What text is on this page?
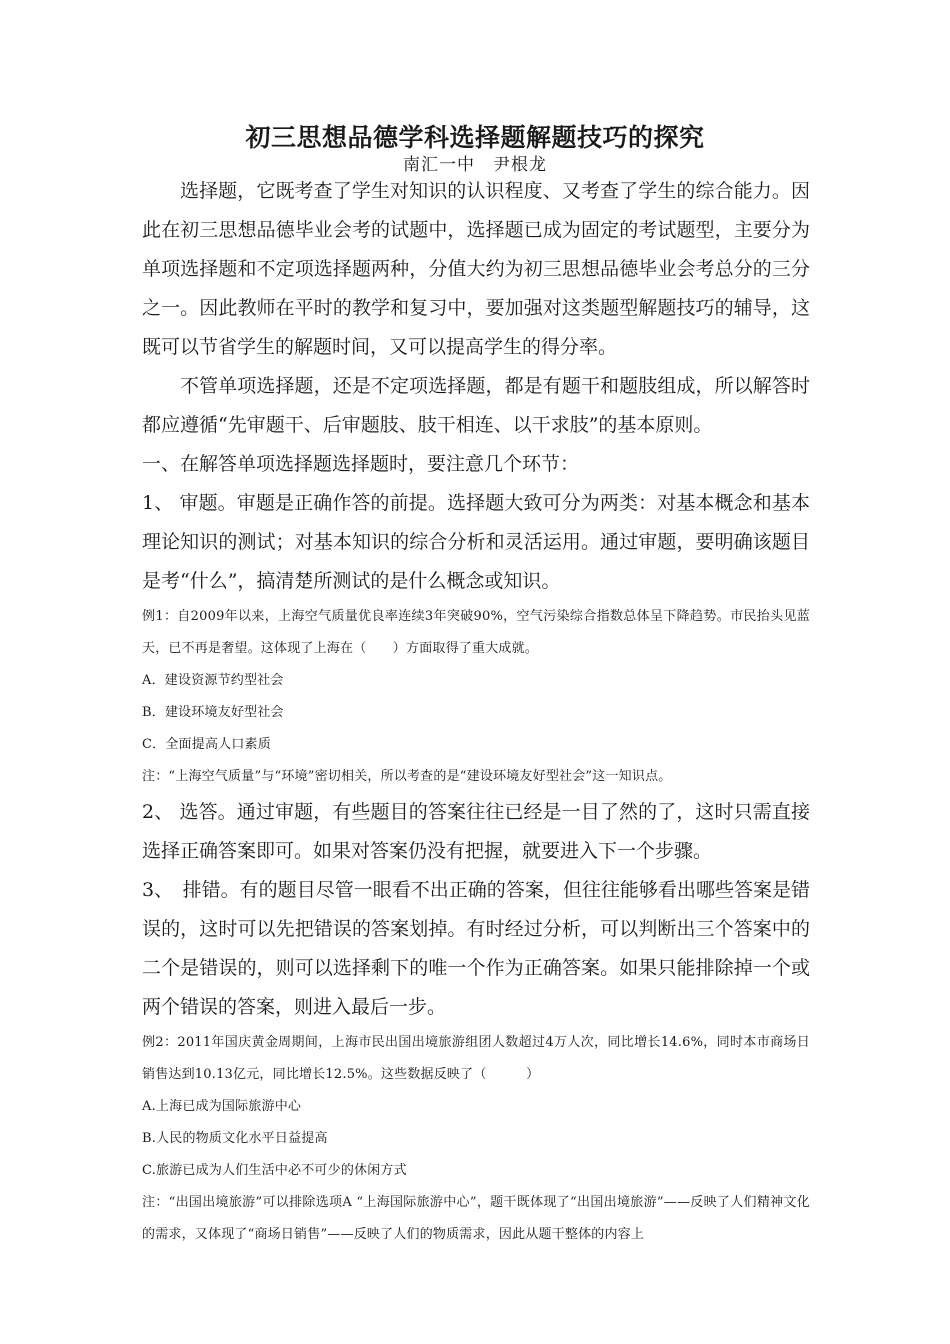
初三思想品德学科选择题解题技巧的探究
南汇一中　尹根龙

选择题，它既考查了学生对知识的认识程度、又考查了学生的综合能力。因此在初三思想品德毕业会考的试题中，选择题已成为固定的考试题型，主要分为单项选择题和不定项选择题两种，分值大约为初三思想品德毕业会考总分的三分之一。因此教师在平时的教学和复习中，要加强对这类题型解题技巧的辅导，这既可以节省学生的解题时间，又可以提高学生的得分率。

不管单项选择题，还是不定项选择题，都是有题干和题肢组成，所以解答时都应遵循“先审题干、后审题肢、肢干相连、以干求肢”的基本原则。

一、在解答单项选择题选择题时，要注意几个环节：

1、 审题。审题是正确作答的前提。选择题大致可分为两类：对基本概念和基本理论知识的测试；对基本知识的综合分析和灵活运用。通过审题，要明确该题目是考“什么”，搞清楚所测试的是什么概念或知识。

例1：自2009年以来，上海空气质量优良率连续3年突破90%，空气污染综合指数总体呈下降趋势。市民抬头见蓝天，已不再是奢望。这体现了上海在（　　）方面取得了重大成就。

A．建设资源节约型社会

B．建设环境友好型社会

C．全面提高人口素质

注：“上海空气质量”与“环境”密切相关，所以考查的是“建设环境友好型社会”这一知识点。

2、 选答。通过审题，有些题目的答案往往已经是一目了然的了，这时只需直接选择正确答案即可。如果对答案仍没有把握，就要进入下一个步骤。

3、　排错。有的题目尽管一眼看不出正确的答案，但往往能够看出哪些答案是错误的，这时可以先把错误的答案划掉。有时经过分析，可以判断出三个答案中的二个是错误的，则可以选择剩下的唯一个作为正确答案。如果只能排除掉一个或两个错误的答案，则进入最后一步。

例2：2011年国庆黄金周期间，上海市民出国出境旅游组团人数超过4万人次，同比增长14.6%，同时本市商场日销售达到10.13亿元，同比增长12.5%。这些数据反映了（　　　）

A.上海已成为国际旅游中心

B.人民的物质文化水平日益提高

C.旅游已成为人们生活中必不可少的休闲方式

注：“出国出境旅游”可以排除选项A “上海国际旅游中心”，题干既体现了“出国出境旅游”——反映了人们精神文化的需求，又体现了“商场日销售”——反映了人们的物质需求，因此从题干整体的内容上
